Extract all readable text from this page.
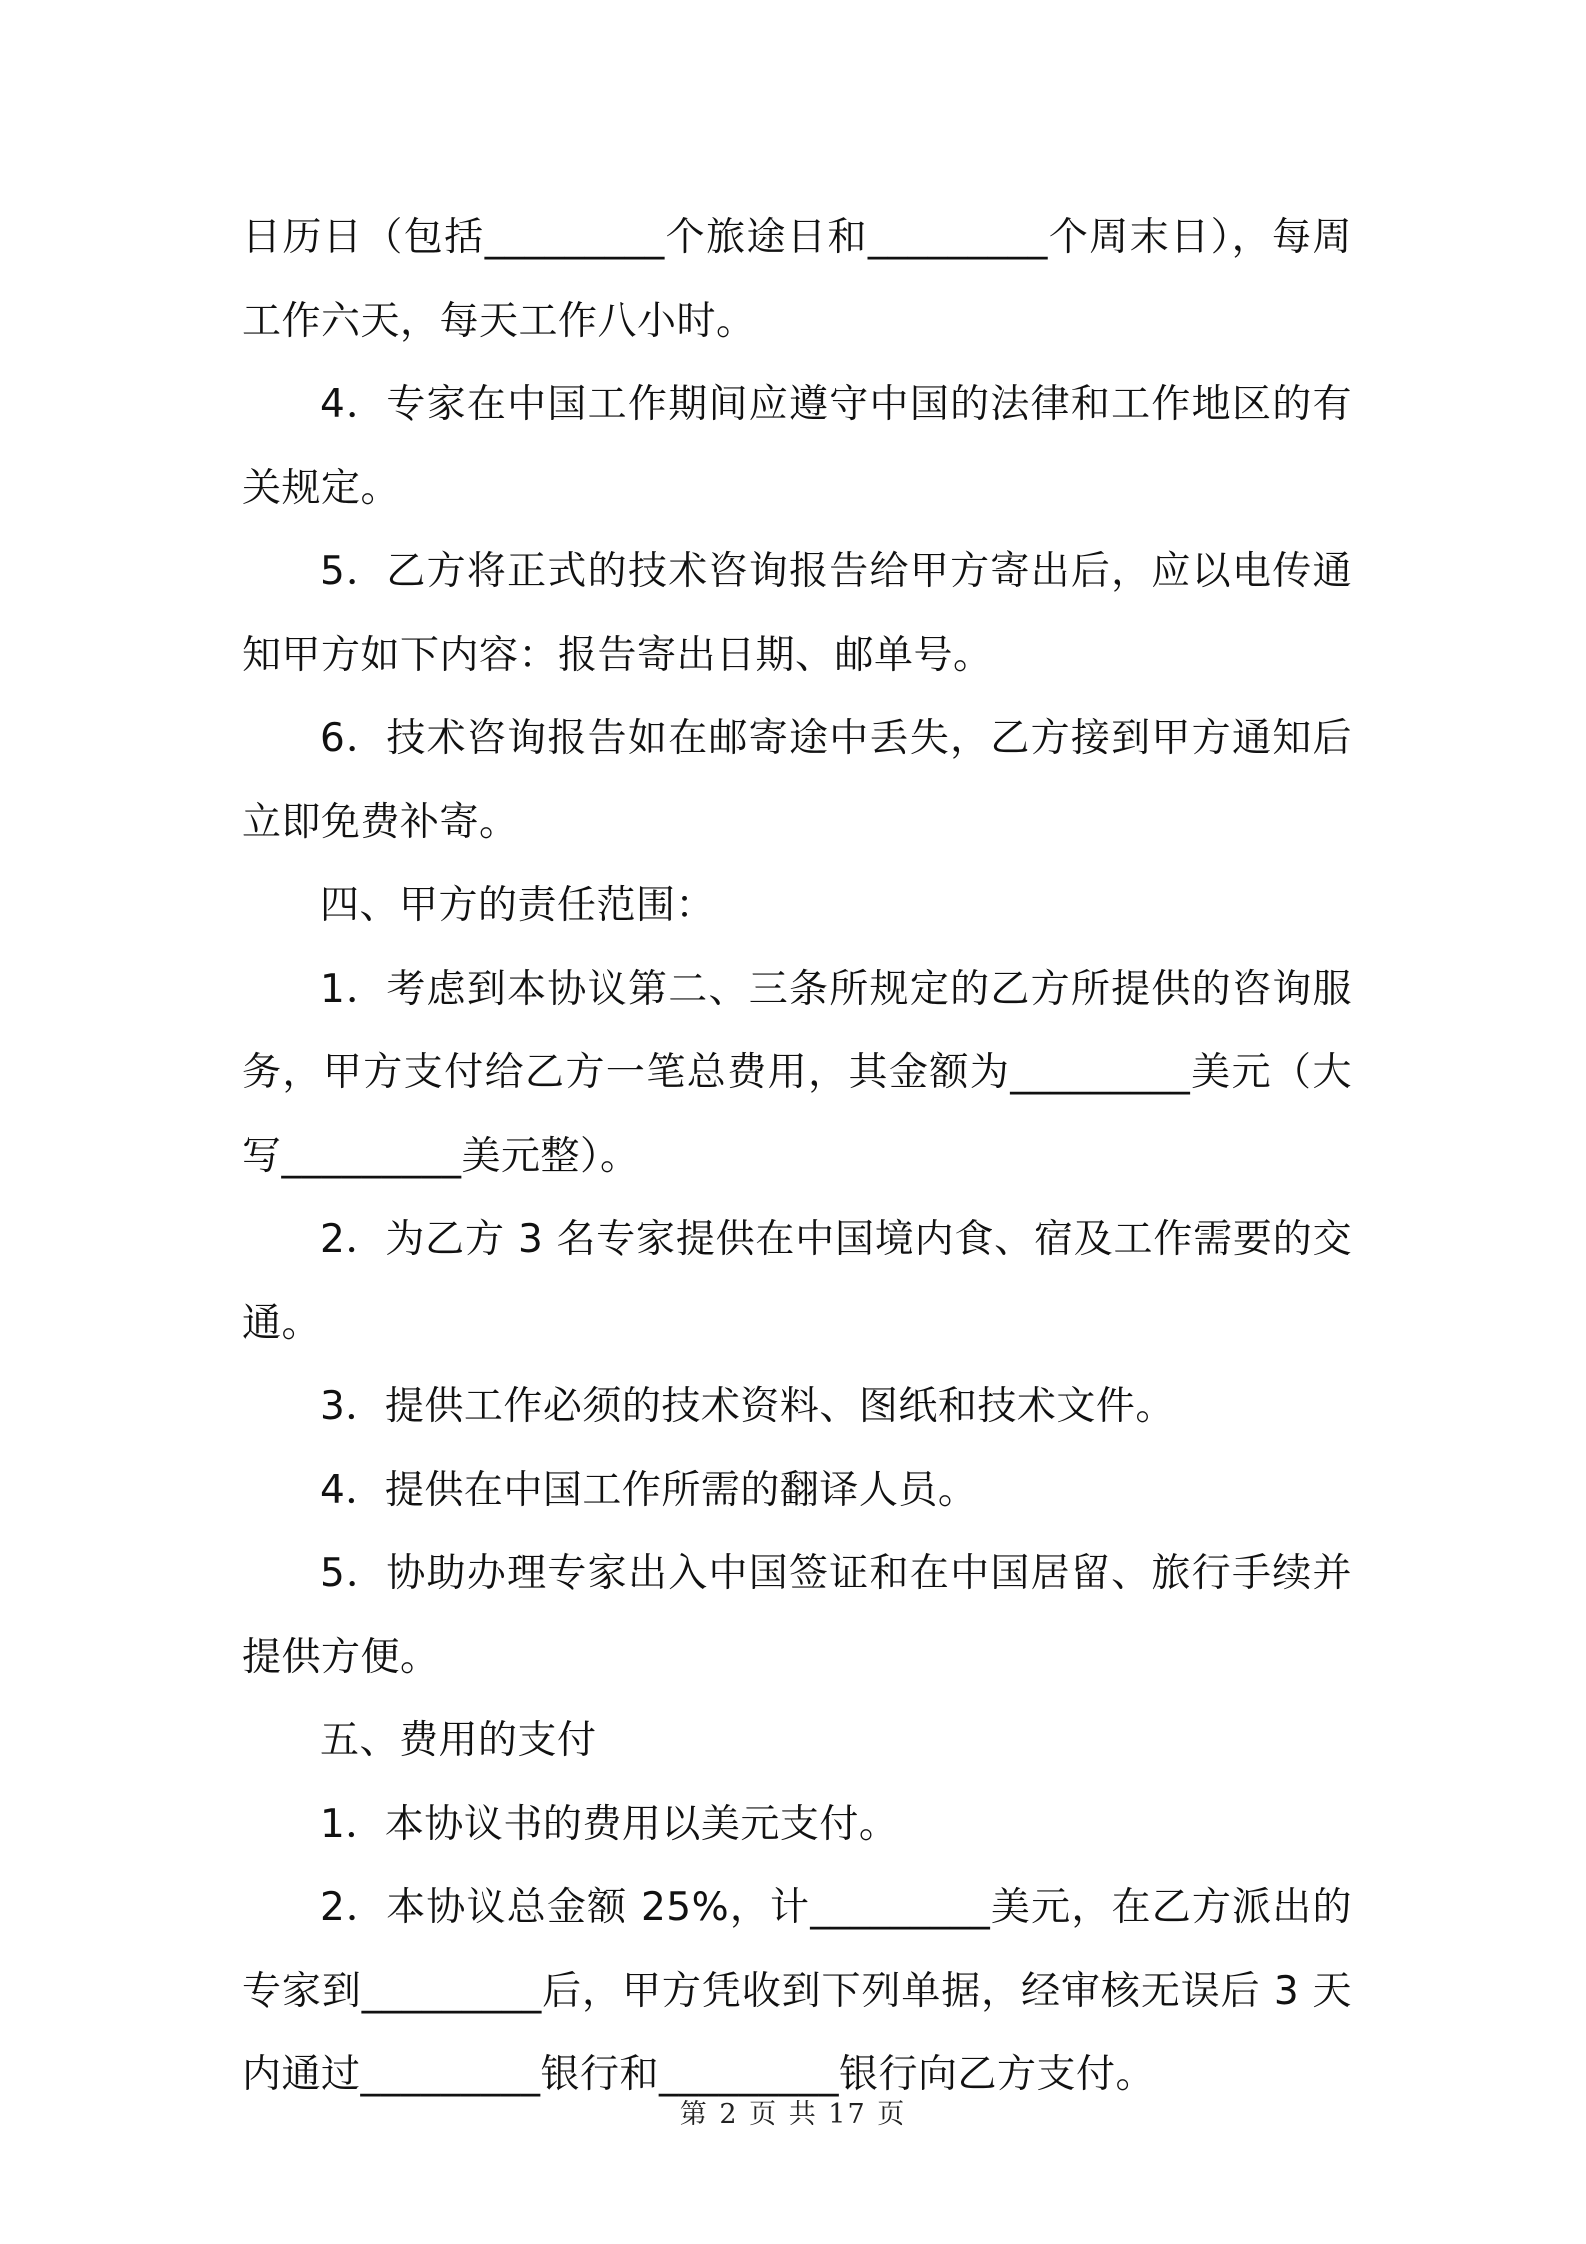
日历日（包括_________个旅途日和_________个周末日），每周工作六天，每天工作八小时。

4．专家在中国工作期间应遵守中国的法律和工作地区的有关规定。

5．乙方将正式的技术咨询报告给甲方寄出后，应以电传通知甲方如下内容：报告寄出日期、邮单号。

6．技术咨询报告如在邮寄途中丢失，乙方接到甲方通知后立即免费补寄。

四、甲方的责任范围：

1．考虑到本协议第二、三条所规定的乙方所提供的咨询服务，甲方支付给乙方一笔总费用，其金额为_________美元（大写_________美元整）。

2．为乙方 3 名专家提供在中国境内食、宿及工作需要的交通。

3．提供工作必须的技术资料、图纸和技术文件。

4．提供在中国工作所需的翻译人员。

5．协助办理专家出入中国签证和在中国居留、旅行手续并提供方便。

五、费用的支付

1．本协议书的费用以美元支付。

2．本协议总金额 25%，计_________美元，在乙方派出的专家到_________后，甲方凭收到下列单据，经审核无误后 3 天内通过_________银行和_________银行向乙方支付。

第 2 页 共 17 页
